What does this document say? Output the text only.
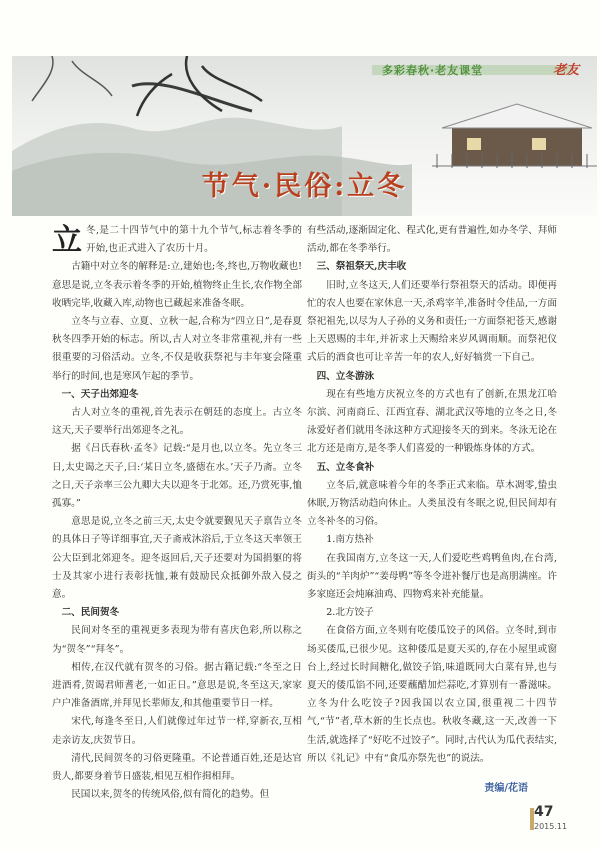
多彩春秋·老友课堂	老友
节气·民俗:立冬

立冬,是二十四节气中的第十九个节气,标志着冬季的开始,也正式进入了农历十月。

古籍中对立冬的解释是:立,建始也;冬,终也,万物收藏也!意思是说,立冬表示着冬季的开始,植物终止生长,农作物全部收晒完毕,收藏入库,动物也已藏起来准备冬眠。

立冬与立春、立夏、立秋一起,合称为“四立日”,是春夏秋冬四季开始的标志。所以,古人对立冬非常重视,并有一些很重要的习俗活动。立冬,不仅是收获祭祀与丰年宴会隆重举行的时间,也是寒风乍起的季节。

一、天子出郊迎冬

古人对立冬的重视,首先表示在朝廷的态度上。古立冬这天,天子要举行出郊迎冬之礼。

据《吕氏春秋·孟冬》记载:“是月也,以立冬。先立冬三日,太史谒之天子,曰:‘某日立冬,盛德在水。’天子乃斋。立冬之日,天子亲率三公九卿大夫以迎冬于北郊。还,乃赏死事,恤孤寡。”

意思是说,立冬之前三天,太史令就要觐见天子禀告立冬的具体日子等详细事宜,天子斋戒沐浴后,于立冬这天率领王公大臣到北郊迎冬。迎冬返回后,天子还要对为国捐躯的将士及其家小进行表彰抚恤,兼有鼓励民众抵御外敌入侵之意。

二、民间贺冬

民间对冬至的重视更多表现为带有喜庆色彩,所以称之为“贺冬”“拜冬”。

相传,在汉代就有贺冬的习俗。据古籍记载:“冬至之日进酒肴,贺谒君师耆老,一如正日。”意思是说,冬至这天,家家户户准备酒席,并拜见长辈师友,和其他重要节日一样。

宋代,每逢冬至日,人们就像过年过节一样,穿新衣,互相走亲访友,庆贺节日。

清代,民间贺冬的习俗更隆重。不论普通百姓,还是达官贵人,都要身着节日盛装,相见互相作揖相拜。

民国以来,贺冬的传统风俗,似有简化的趋势。但

有些活动,逐渐固定化、程式化,更有普遍性,如办冬学、拜师活动,都在冬季举行。

三、祭祖祭天,庆丰收

旧时,立冬这天,人们还要举行祭祖祭天的活动。即便再忙的农人也要在家休息一天,杀鸡宰羊,准备时令佳品,一方面祭祀祖先,以尽为人子孙的义务和责任;一方面祭祀苍天,感谢上天恩赐的丰年,并祈求上天赐给来岁风调雨顺。而祭祀仪式后的酒食也可让辛苦一年的农人,好好犒赏一下自己。

四、立冬游泳

现在有些地方庆祝立冬的方式也有了创新,在黑龙江哈尔滨、河南商丘、江西宜春、湖北武汉等地的立冬之日,冬泳爱好者们就用冬泳这种方式迎接冬天的到来。冬泳无论在北方还是南方,是冬季人们喜爱的一种锻炼身体的方式。

五、立冬食补

立冬后,就意味着今年的冬季正式来临。草木凋零,蛰虫休眠,万物活动趋向休止。人类虽没有冬眠之说,但民间却有立冬补冬的习俗。

1.南方热补

在我国南方,立冬这一天,人们爱吃些鸡鸭鱼肉,在台湾,街头的“羊肉炉”“姜母鸭”等冬令进补餐厅也是高朋满座。许多家庭还会炖麻油鸡、四物鸡来补充能量。

2.北方饺子

在食俗方面,立冬则有吃倭瓜饺子的风俗。立冬时,到市场买倭瓜,已很少见。这种倭瓜是夏天买的,存在小屋里或窗台上,经过长时间糖化,做饺子馅,味道既同大白菜有异,也与夏天的倭瓜馅不同,还要蘸醋加烂蒜吃,才算别有一番滋味。立冬为什么吃饺子?因我国以农立国,很重视二十四节气,“节”者,草木新的生长点也。秋收冬藏,这一天,改善一下生活,就选择了“好吃不过饺子”。同时,古代认为瓜代表结实,所以《礼记》中有“食瓜亦祭先也”的说法。

责编/花语
47
2015.11
